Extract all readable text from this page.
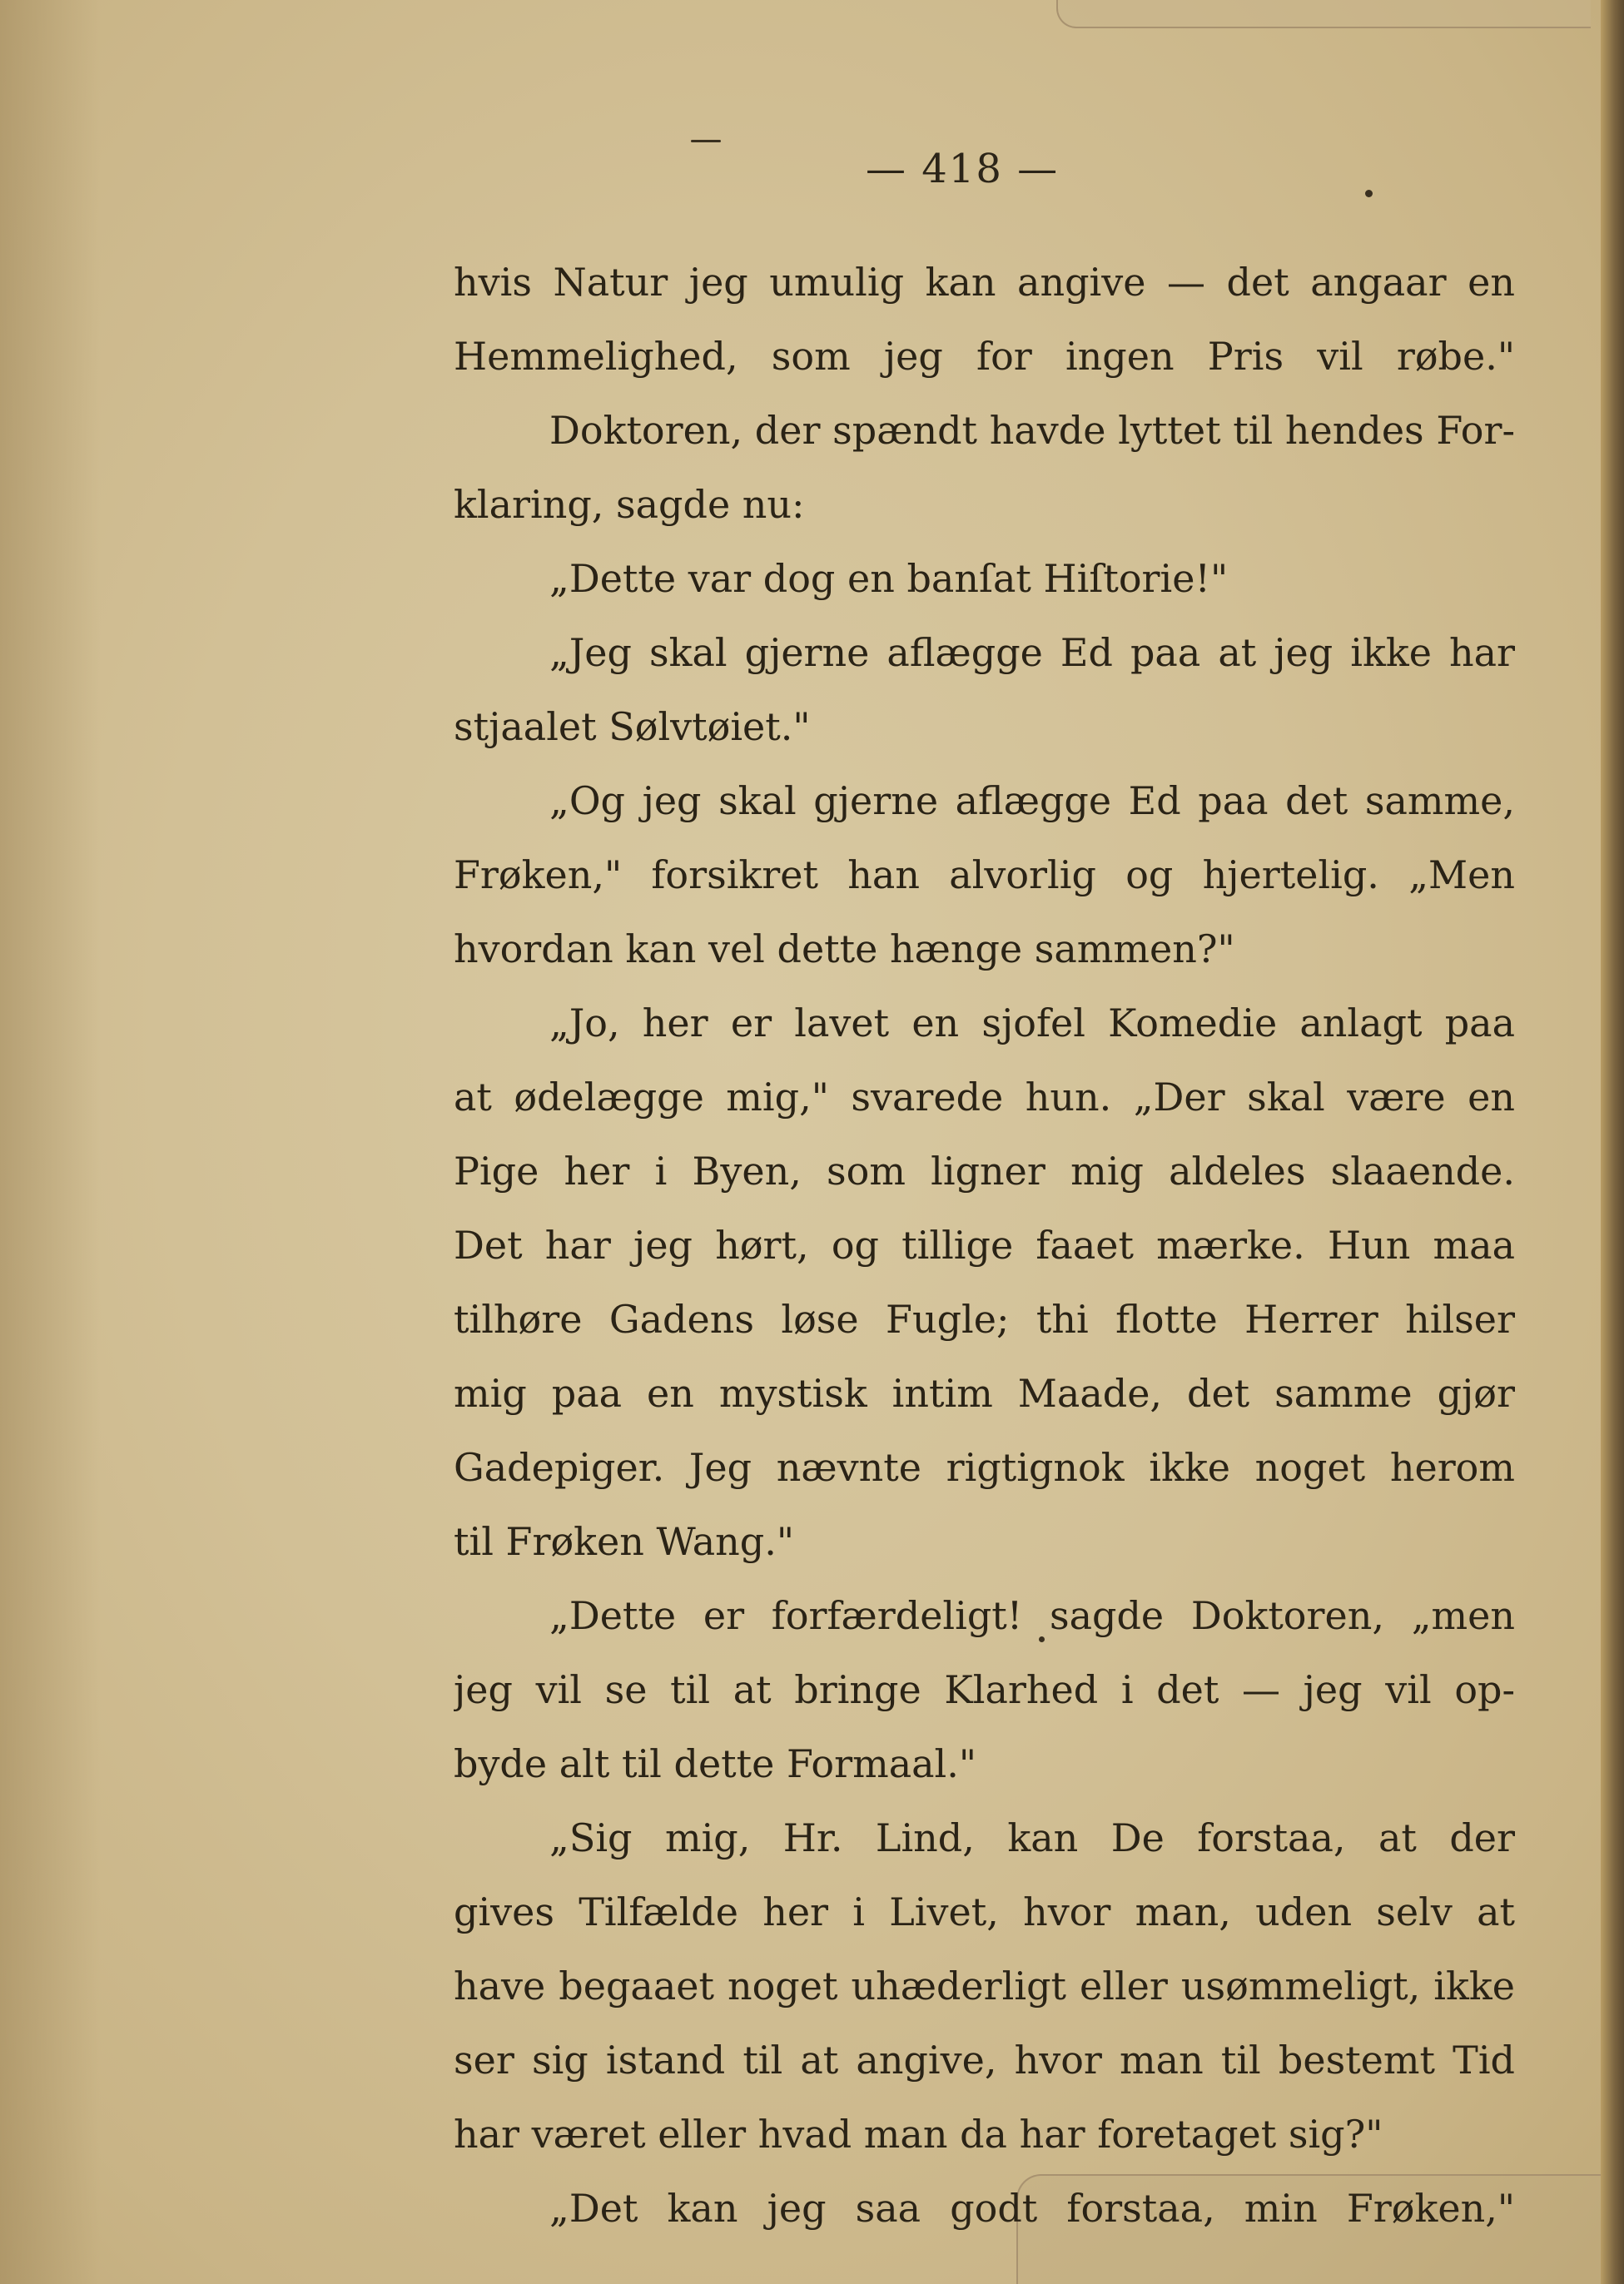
— 418 —
hvis Natur jeg umulig kan angive — det angaar en
Hemmelighed, som jeg for ingen Pris vil røbe."
Doktoren, der spændt havde lyttet til hendes For-
klaring, sagde nu:
„Dette var dog en banſat Hiſtorie!"
„Jeg skal gjerne aflægge Ed paa at jeg ikke har
stjaalet Sølvtøiet."
„Og jeg skal gjerne aflægge Ed paa det samme,
Frøken," forsikret han alvorlig og hjertelig. „Men
hvordan kan vel dette hænge sammen?"
„Jo, her er lavet en sjofel Komedie anlagt paa
at ødelægge mig," svarede hun. „Der skal være en
Pige her i Byen, som ligner mig aldeles slaaende.
Det har jeg hørt, og tillige faaet mærke. Hun maa
tilhøre Gadens løse Fugle; thi flotte Herrer hilser
mig paa en mystisk intim Maade, det samme gjør
Gadepiger. Jeg nævnte rigtignok ikke noget herom
til Frøken Wang."
„Dette er forfærdeligt! sagde Doktoren, „men
jeg vil se til at bringe Klarhed i det — jeg vil op-
byde alt til dette Formaal."
„Sig mig, Hr. Lind, kan De forstaa, at der
gives Tilfælde her i Livet, hvor man, uden selv at
have begaaet noget uhæderligt eller usømmeligt, ikke
ser sig istand til at angive, hvor man til bestemt Tid
har været eller hvad man da har foretaget sig?"
„Det kan jeg saa godt forstaa, min Frøken,"
